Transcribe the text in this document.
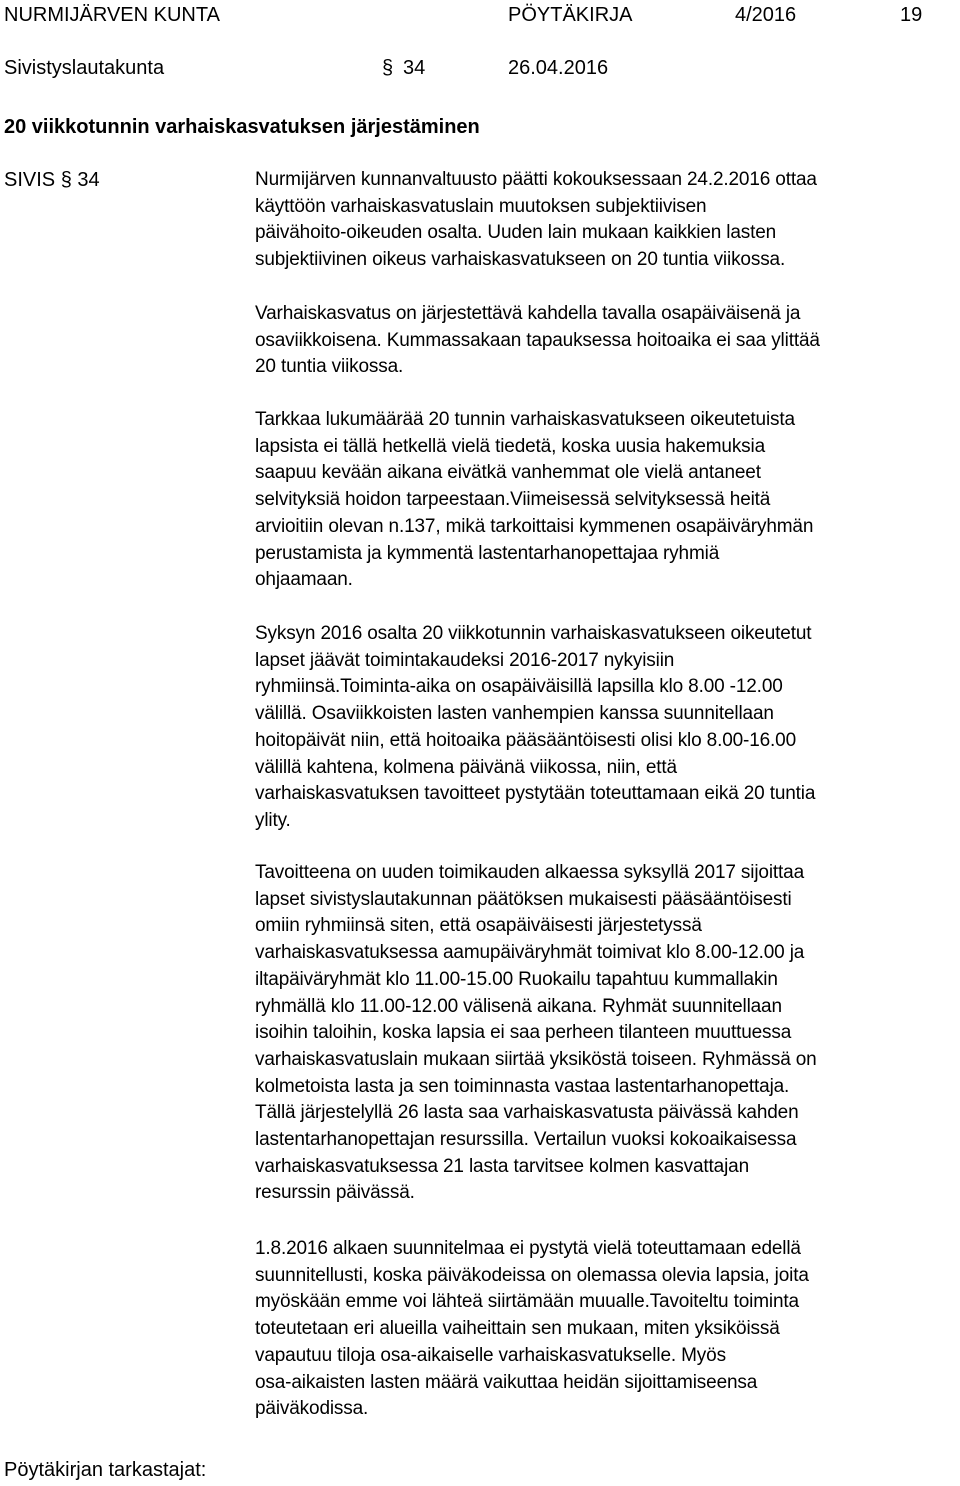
NURMIJÄRVEN KUNTA	PÖYTÄKIRJA	4/2016	19
Sivistyslautakunta	§ 34	26.04.2016
20 viikkotunnin varhaiskasvatuksen järjestäminen
SIVIS § 34	Nurmijärven kunnanvaltuusto päätti kokouksessaan 24.2.2016 ottaa
käyttöön varhaiskasvatuslain muutoksen subjektiivisen
päivähoito-oikeuden osalta. Uuden lain mukaan kaikkien lasten
subjektiivinen oikeus varhaiskasvatukseen on 20 tuntia viikossa.
Varhaiskasvatus on järjestettävä kahdella tavalla osapäiväisenä ja
osaviikkoisena. Kummassakaan tapauksessa hoitoaika ei saa ylittää
20 tuntia viikossa.
Tarkkaa lukumäärää 20 tunnin varhaiskasvatukseen oikeutetuista
lapsista ei tällä hetkellä vielä tiedetä, koska uusia hakemuksia
saapuu kevään aikana eivätkä vanhemmat ole vielä antaneet
selvityksiä hoidon tarpeestaan.Viimeisessä selvityksessä heitä
arvioitiin olevan n.137, mikä tarkoittaisi kymmenen osapäiväryhmän
perustamista ja kymmentä lastentarhanopettajaa ryhmiä
ohjaamaan.
Syksyn 2016 osalta 20 viikkotunnin varhaiskasvatukseen oikeutetut
lapset jäävät toimintakaudeksi 2016-2017 nykyisiin
ryhmiinsä.Toiminta-aika on osapäiväisillä lapsilla klo 8.00 -12.00
välillä. Osaviikkoisten lasten vanhempien kanssa suunnitellaan
hoitopäivät niin, että hoitoaika pääsääntöisesti olisi klo 8.00-16.00
välillä kahtena, kolmena päivänä viikossa, niin, että
varhaiskasvatuksen tavoitteet pystytään toteuttamaan eikä 20 tuntia
ylity.
Tavoitteena on uuden toimikauden alkaessa syksyllä 2017 sijoittaa
lapset sivistyslautakunnan päätöksen mukaisesti pääsääntöisesti
omiin ryhmiinsä siten, että osapäiväisesti järjestetyssä
varhaiskasvatuksessa aamupäiväryhmät toimivat klo 8.00-12.00 ja
iltapäiväryhmät klo 11.00-15.00 Ruokailu tapahtuu kummallakin
ryhmällä klo 11.00-12.00 välisenä aikana. Ryhmät suunnitellaan
isoihin taloihin, koska lapsia ei saa perheen tilanteen muuttuessa
varhaiskasvatuslain mukaan siirtää yksiköstä toiseen. Ryhmässä on
kolmetoista lasta ja sen toiminnasta vastaa lastentarhanopettaja.
Tällä järjestelyllä 26 lasta saa varhaiskasvatusta päivässä kahden
lastentarhanopettajan resurssilla. Vertailun vuoksi kokoaikaisessa
varhaiskasvatuksessa 21 lasta tarvitsee kolmen kasvattajan
resurssin päivässä.
1.8.2016 alkaen suunnitelmaa ei pystytä vielä toteuttamaan edellä
suunnitellusti, koska päiväkodeissa on olemassa olevia lapsia, joita
myöskään emme voi lähteä siirtämään muualle.Tavoiteltu toiminta
toteutetaan eri alueilla vaiheittain sen mukaan, miten yksiköissä
vapautuu tiloja osa-aikaiselle varhaiskasvatukselle. Myös
osa-aikaisten lasten määrä vaikuttaa heidän sijoittamiseensa
päiväkodissa.
Pöytäkirjan tarkastajat:
